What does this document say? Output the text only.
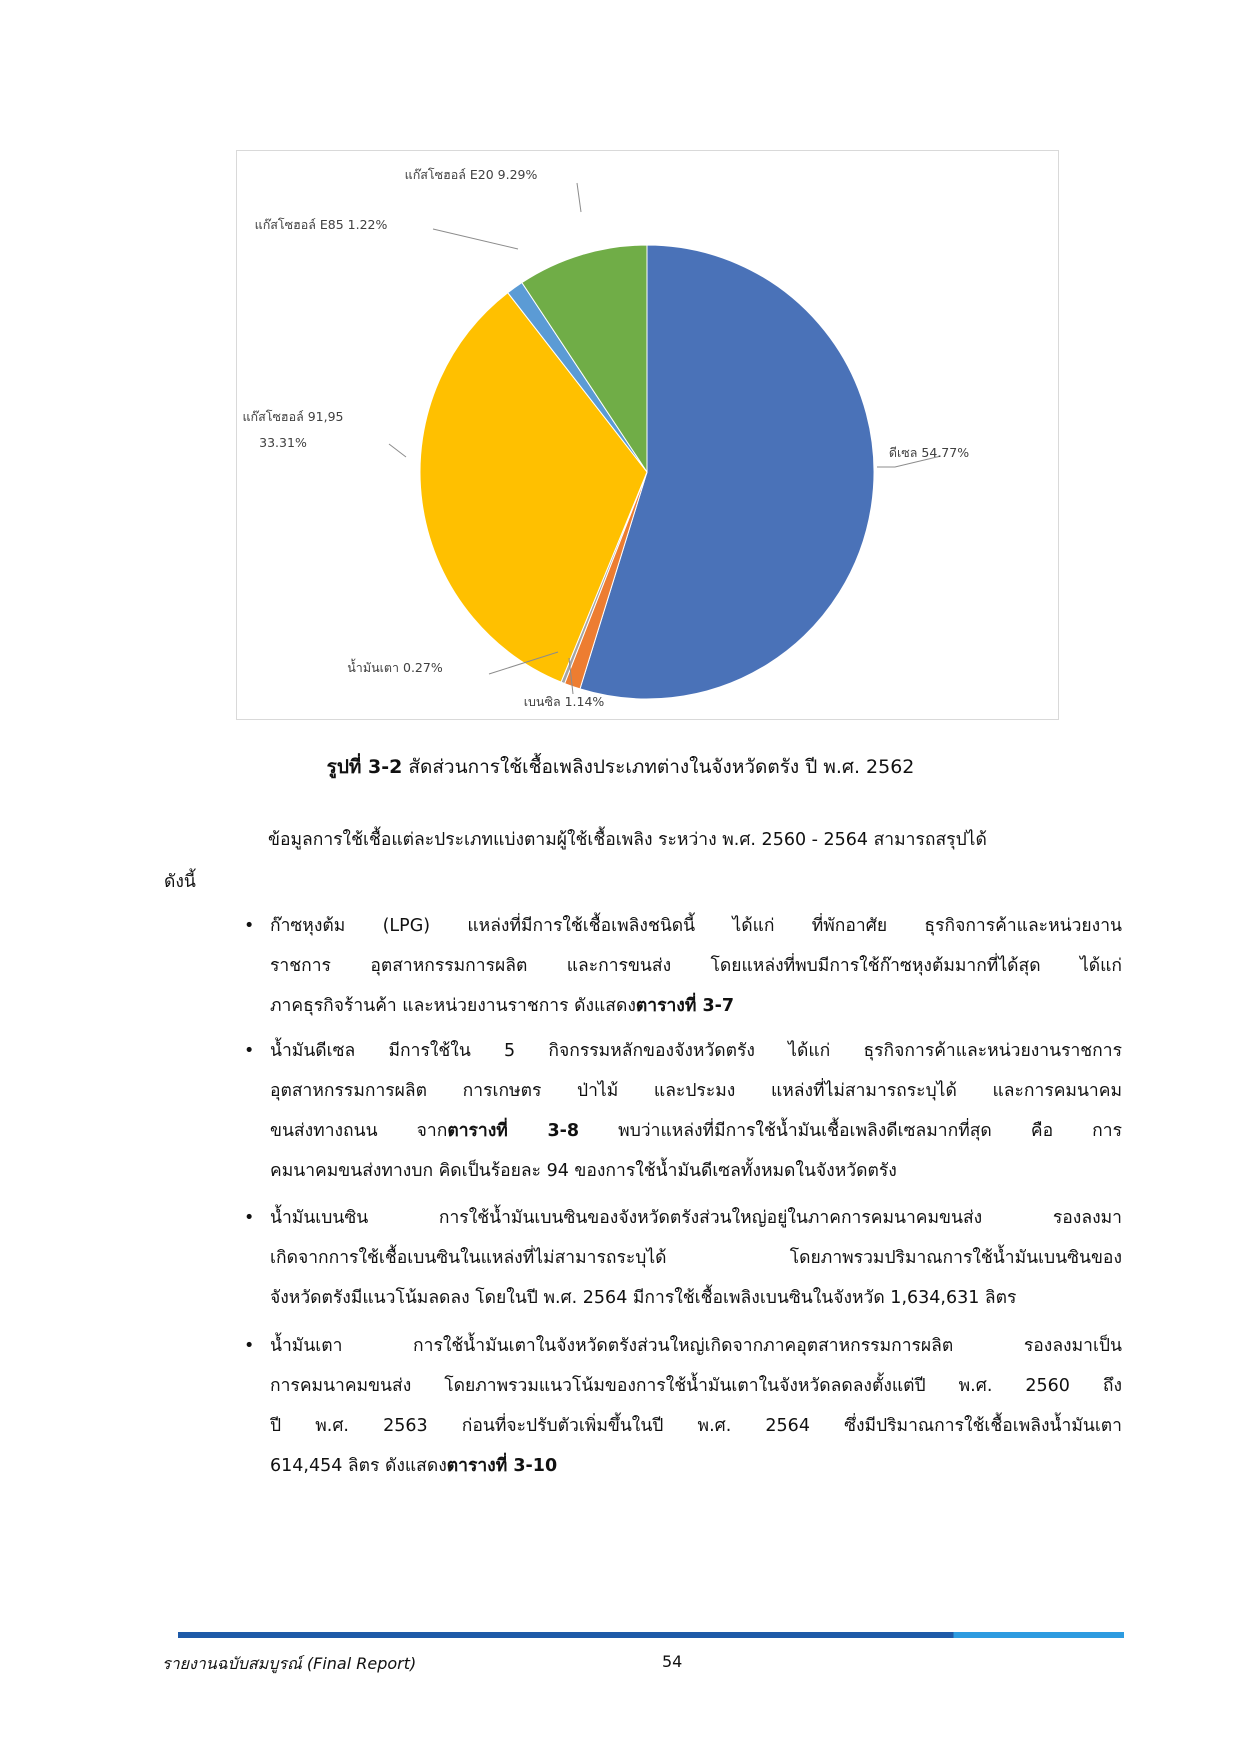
ดีเซล 54.77%
เบนซิล 1.14%
น้ำมันเตา 0.27%
แก๊สโซฮอล์ 91,95
33.31%
แก๊สโซฮอล์ E85 1.22%
แก๊สโซฮอล์ E20 9.29%
รูปที่ 3-2 สัดส่วนการใช้เชื้อเพลิงประเภทต่างในจังหวัดตรัง ปี พ.ศ. 2562
ข้อมูลการใช้เชื้อแต่ละประเภทแบ่งตามผู้ใช้เชื้อเพลิง ระหว่าง พ.ศ. 2560 - 2564 สามารถสรุปได้
ดังนี้
• ก๊าซหุงต้ม (LPG) แหล่งที่มีการใช้เชื้อเพลิงชนิดนี้ ได้แก่ ที่พักอาศัย ธุรกิจการค้าและหน่วยงาน
ราชการ อุตสาหกรรมการผลิต และการขนส่ง โดยแหล่งที่พบมีการใช้ก๊าซหุงต้มมากที่ได้สุด ได้แก่
ภาคธุรกิจร้านค้า และหน่วยงานราชการ ดังแสดงตารางที่ 3-7
• น้ำมันดีเซล มีการใช้ใน 5 กิจกรรมหลักของจังหวัดตรัง ได้แก่ ธุรกิจการค้าและหน่วยงานราชการ
อุตสาหกรรมการผลิต การเกษตร ป่าไม้ และประมง แหล่งที่ไม่สามารถระบุได้ และการคมนาคม
ขนส่งทางถนน จากตารางที่ 3-8 พบว่าแหล่งที่มีการใช้น้ำมันเชื้อเพลิงดีเซลมากที่สุด คือ การ
คมนาคมขนส่งทางบก คิดเป็นร้อยละ 94 ของการใช้น้ำมันดีเซลทั้งหมดในจังหวัดตรัง
• น้ำมันเบนซิน การใช้น้ำมันเบนซินของจังหวัดตรังส่วนใหญ่อยู่ในภาคการคมนาคมขนส่ง รองลงมา
เกิดจากการใช้เชื้อเบนซินในแหล่งที่ไม่สามารถระบุได้ โดยภาพรวมปริมาณการใช้น้ำมันเบนซินของ
จังหวัดตรังมีแนวโน้มลดลง โดยในปี พ.ศ. 2564 มีการใช้เชื้อเพลิงเบนซินในจังหวัด 1,634,631 ลิตร
• น้ำมันเตา การใช้น้ำมันเตาในจังหวัดตรังส่วนใหญ่เกิดจากภาคอุตสาหกรรมการผลิต รองลงมาเป็น
การคมนาคมขนส่ง โดยภาพรวมแนวโน้มของการใช้น้ำมันเตาในจังหวัดลดลงตั้งแต่ปี พ.ศ. 2560 ถึง
ปี พ.ศ. 2563 ก่อนที่จะปรับตัวเพิ่มขึ้นในปี พ.ศ. 2564 ซึ่งมีปริมาณการใช้เชื้อเพลิงน้ำมันเตา
614,454 ลิตร ดังแสดงตารางที่ 3-10
รายงานฉบับสมบูรณ์ (Final Report)	54
